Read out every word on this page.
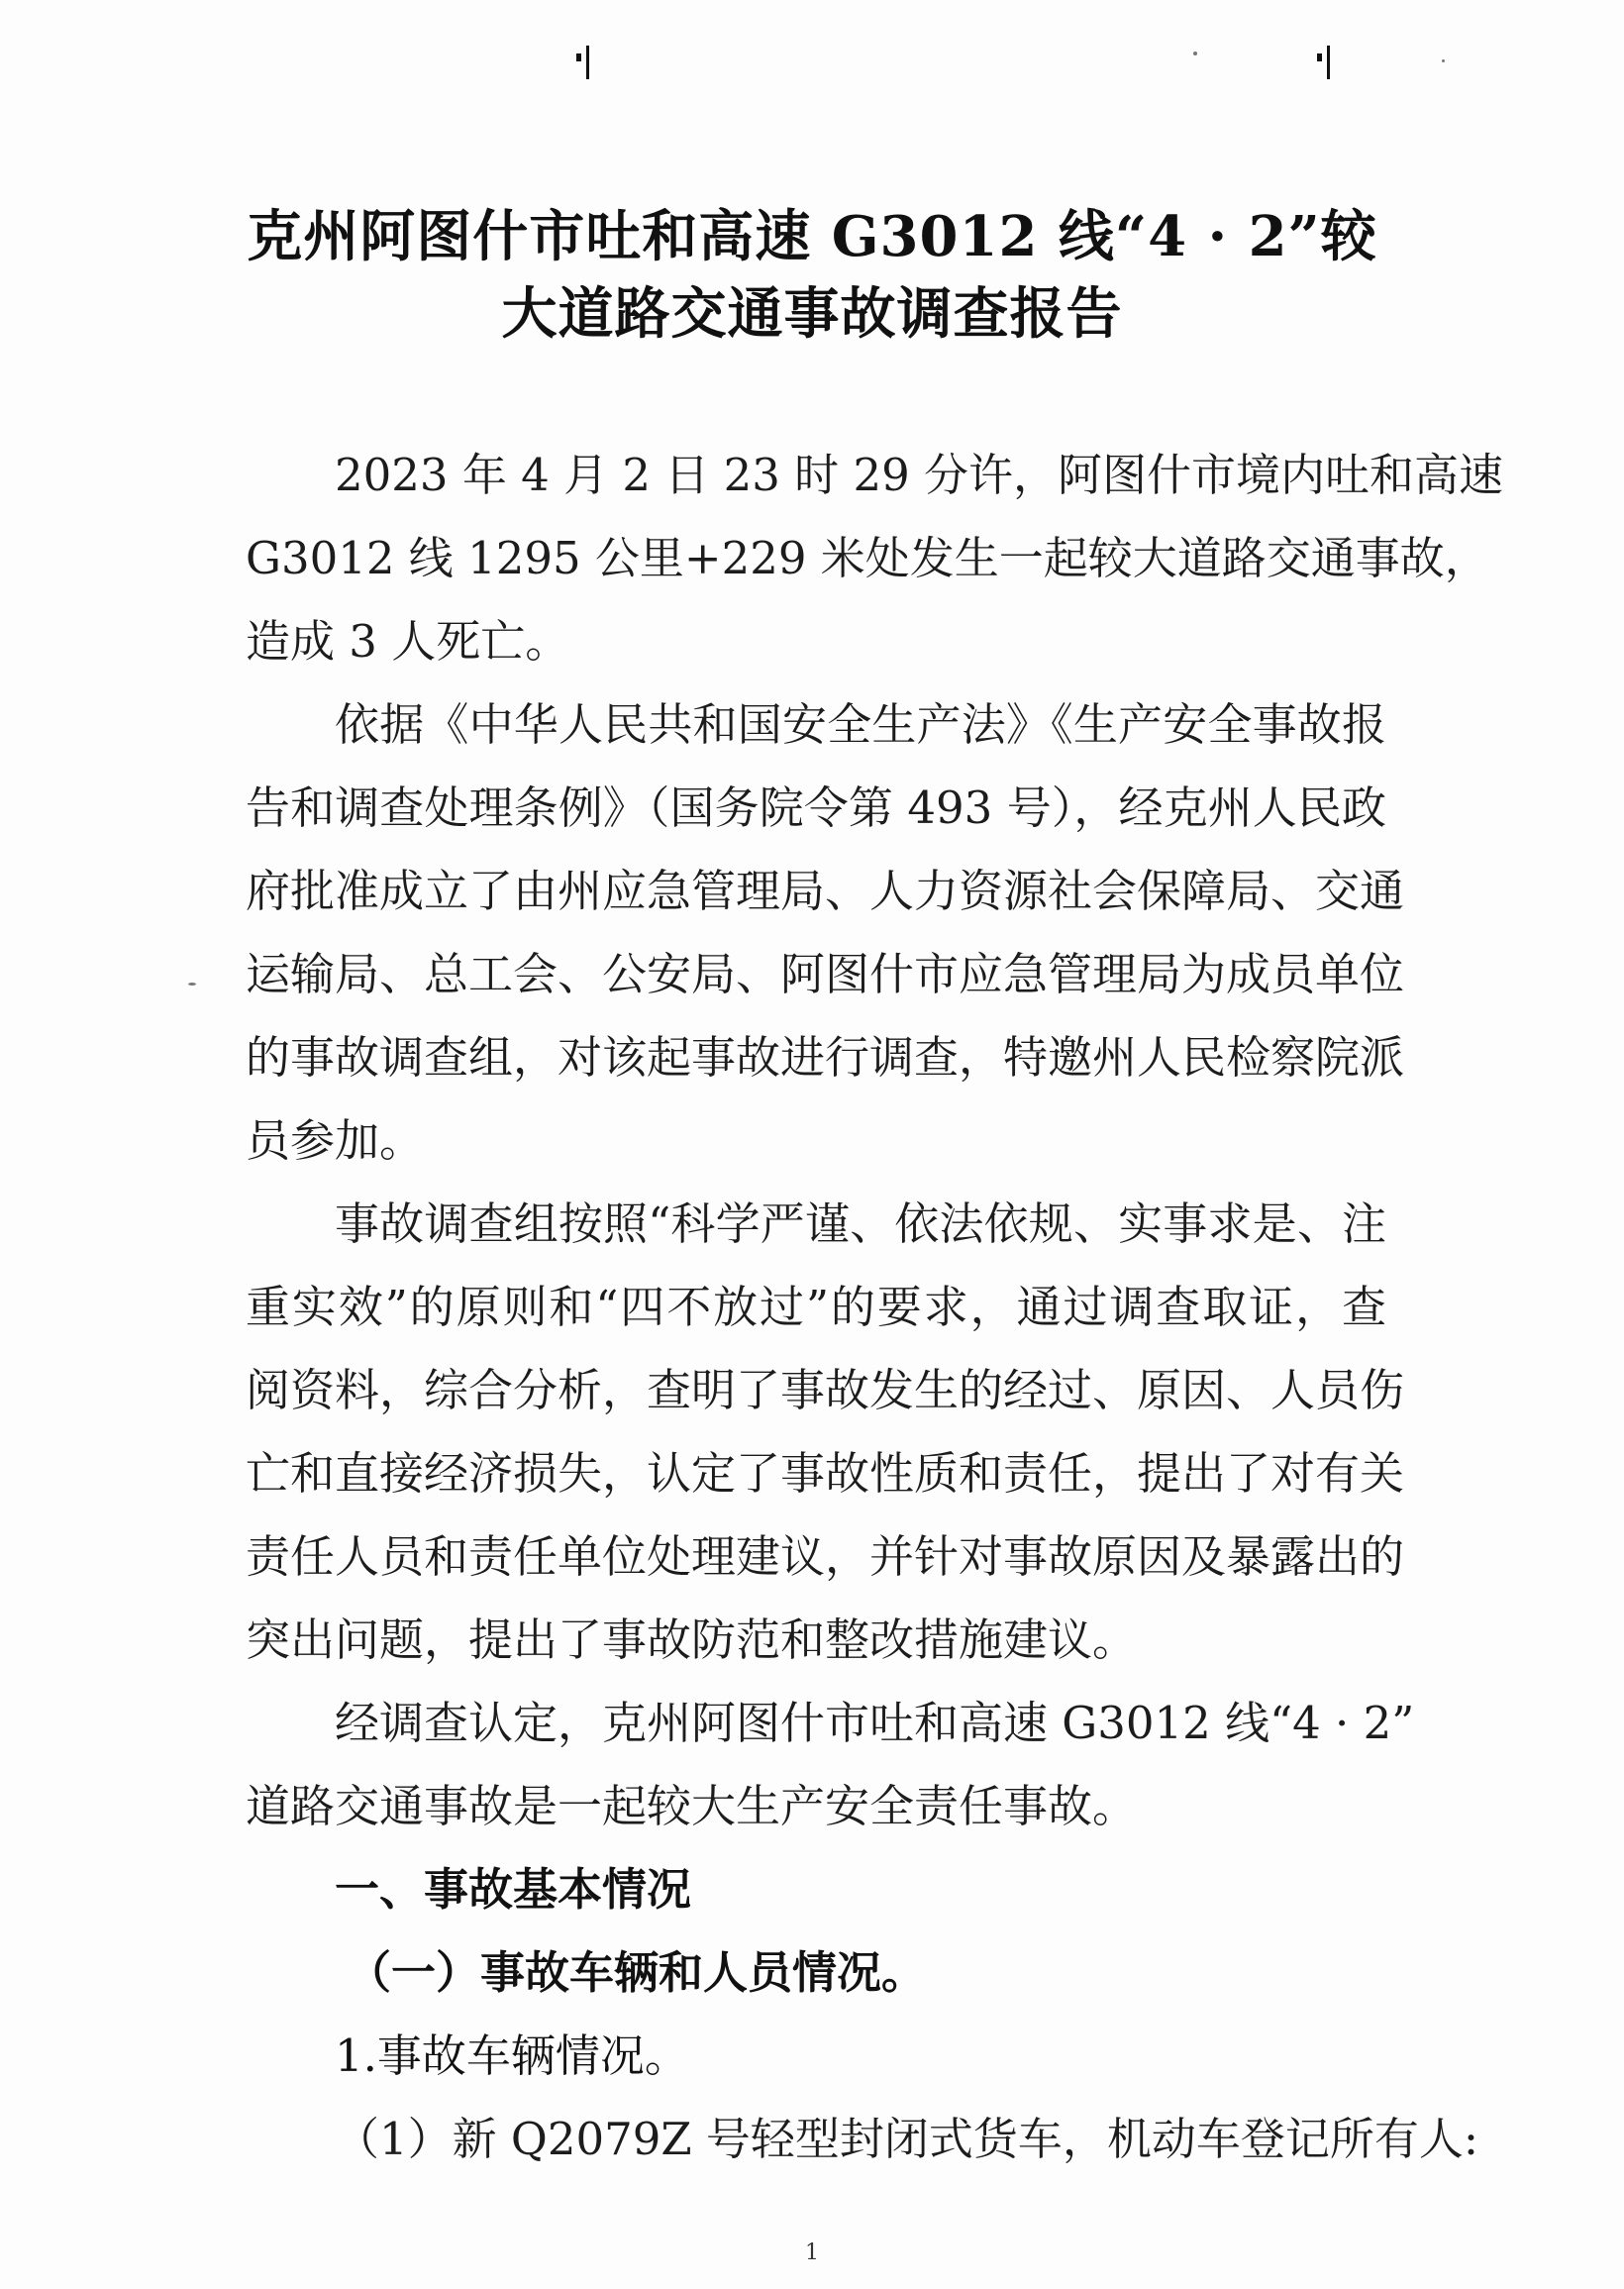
克州阿图什市吐和高速 G3012 线“4 · 2”较
大道路交通事故调查报告
2023 年 4 月 2 日 23 时 29 分许，阿图什市境内吐和高速
G3012 线 1295 公里+229 米处发生一起较大道路交通事故，
造成 3 人死亡。
依据《中华人民共和国安全生产法》《生产安全事故报
告和调查处理条例》（国务院令第 493 号），经克州人民政
府批准成立了由州应急管理局、人力资源社会保障局、交通
运输局、总工会、公安局、阿图什市应急管理局为成员单位
的事故调查组，对该起事故进行调查，特邀州人民检察院派
员参加。
事故调查组按照“科学严谨、依法依规、实事求是、注
重实效”的原则和“四不放过”的要求，通过调查取证，查
阅资料，综合分析，查明了事故发生的经过、原因、人员伤
亡和直接经济损失，认定了事故性质和责任，提出了对有关
责任人员和责任单位处理建议，并针对事故原因及暴露出的
突出问题，提出了事故防范和整改措施建议。
经调查认定，克州阿图什市吐和高速 G3012 线“4 · 2”
道路交通事故是一起较大生产安全责任事故。
一、事故基本情况
（一）事故车辆和人员情况。
1.事故车辆情况。
（1）新 Q2079Z 号轻型封闭式货车，机动车登记所有人:
1
